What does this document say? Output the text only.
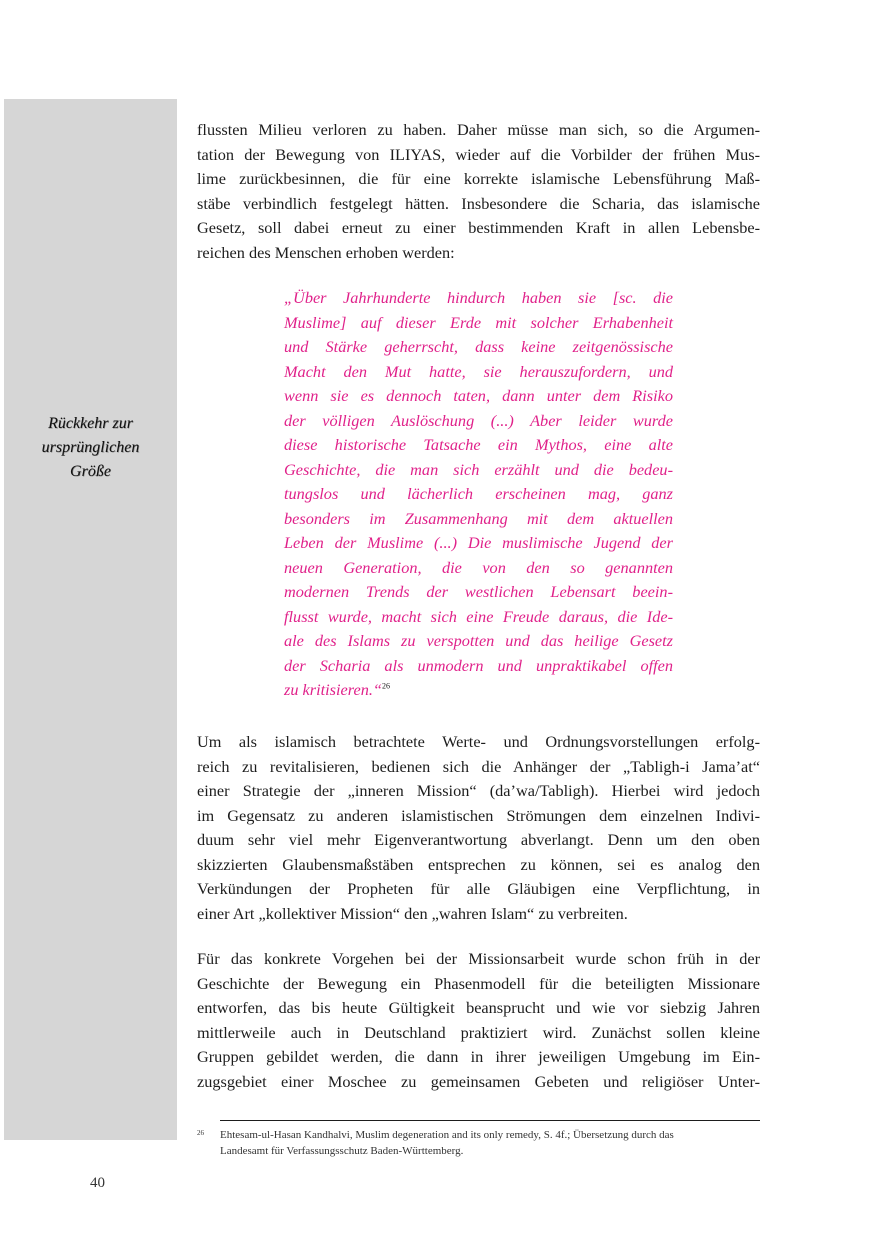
Rückkehr zur
ursprünglichen
Größe

flussten Milieu verloren zu haben. Daher müsse man sich, so die Argumen-
tation der Bewegung von ILIYAS, wieder auf die Vorbilder der frühen Mus-
lime zurückbesinnen, die für eine korrekte islamische Lebensführung Maß-
stäbe verbindlich festgelegt hätten. Insbesondere die Scharia, das islamische
Gesetz, soll dabei erneut zu einer bestimmenden Kraft in allen Lebensbe-
reichen des Menschen erhoben werden:

„Über Jahrhunderte hindurch haben sie [sc. die
Muslime] auf dieser Erde mit solcher Erhabenheit
und Stärke geherrscht, dass keine zeitgenössische
Macht den Mut hatte, sie herauszufordern, und
wenn sie es dennoch taten, dann unter dem Risiko
der völligen Auslöschung (...) Aber leider wurde
diese historische Tatsache ein Mythos, eine alte
Geschichte, die man sich erzählt und die bedeu-
tungslos und lächerlich erscheinen mag, ganz
besonders im Zusammenhang mit dem aktuellen
Leben der Muslime (...) Die muslimische Jugend der
neuen Generation, die von den so genannten
modernen Trends der westlichen Lebensart beein-
flusst wurde, macht sich eine Freude daraus, die Ide-
ale des Islams zu verspotten und das heilige Gesetz
der Scharia als unmodern und unpraktikabel offen
zu kritisieren.“$^{26}$

Um als islamisch betrachtete Werte- und Ordnungsvorstellungen erfolg-
reich zu revitalisieren, bedienen sich die Anhänger der „Tabligh-i Jama’at“
einer Strategie der „inneren Mission“ (da’wa/Tabligh). Hierbei wird jedoch
im Gegensatz zu anderen islamistischen Strömungen dem einzelnen Indivi-
duum sehr viel mehr Eigenverantwortung abverlangt. Denn um den oben
skizzierten Glaubensmaßstäben entsprechen zu können, sei es analog den
Verkündungen der Propheten für alle Gläubigen eine Verpflichtung, in
einer Art „kollektiver Mission“ den „wahren Islam“ zu verbreiten.

Für das konkrete Vorgehen bei der Missionsarbeit wurde schon früh in der
Geschichte der Bewegung ein Phasenmodell für die beteiligten Missionare
entworfen, das bis heute Gültigkeit beansprucht und wie vor siebzig Jahren
mittlerweile auch in Deutschland praktiziert wird. Zunächst sollen kleine
Gruppen gebildet werden, die dann in ihrer jeweiligen Umgebung im Ein-
zugsgebiet einer Moschee zu gemeinsamen Gebeten und religiöser Unter-

26 Ehtesam-ul-Hasan Kandhalvi, Muslim degeneration and its only remedy, S. 4f.; Übersetzung durch das
Landesamt für Verfassungsschutz Baden-Württemberg.
40
